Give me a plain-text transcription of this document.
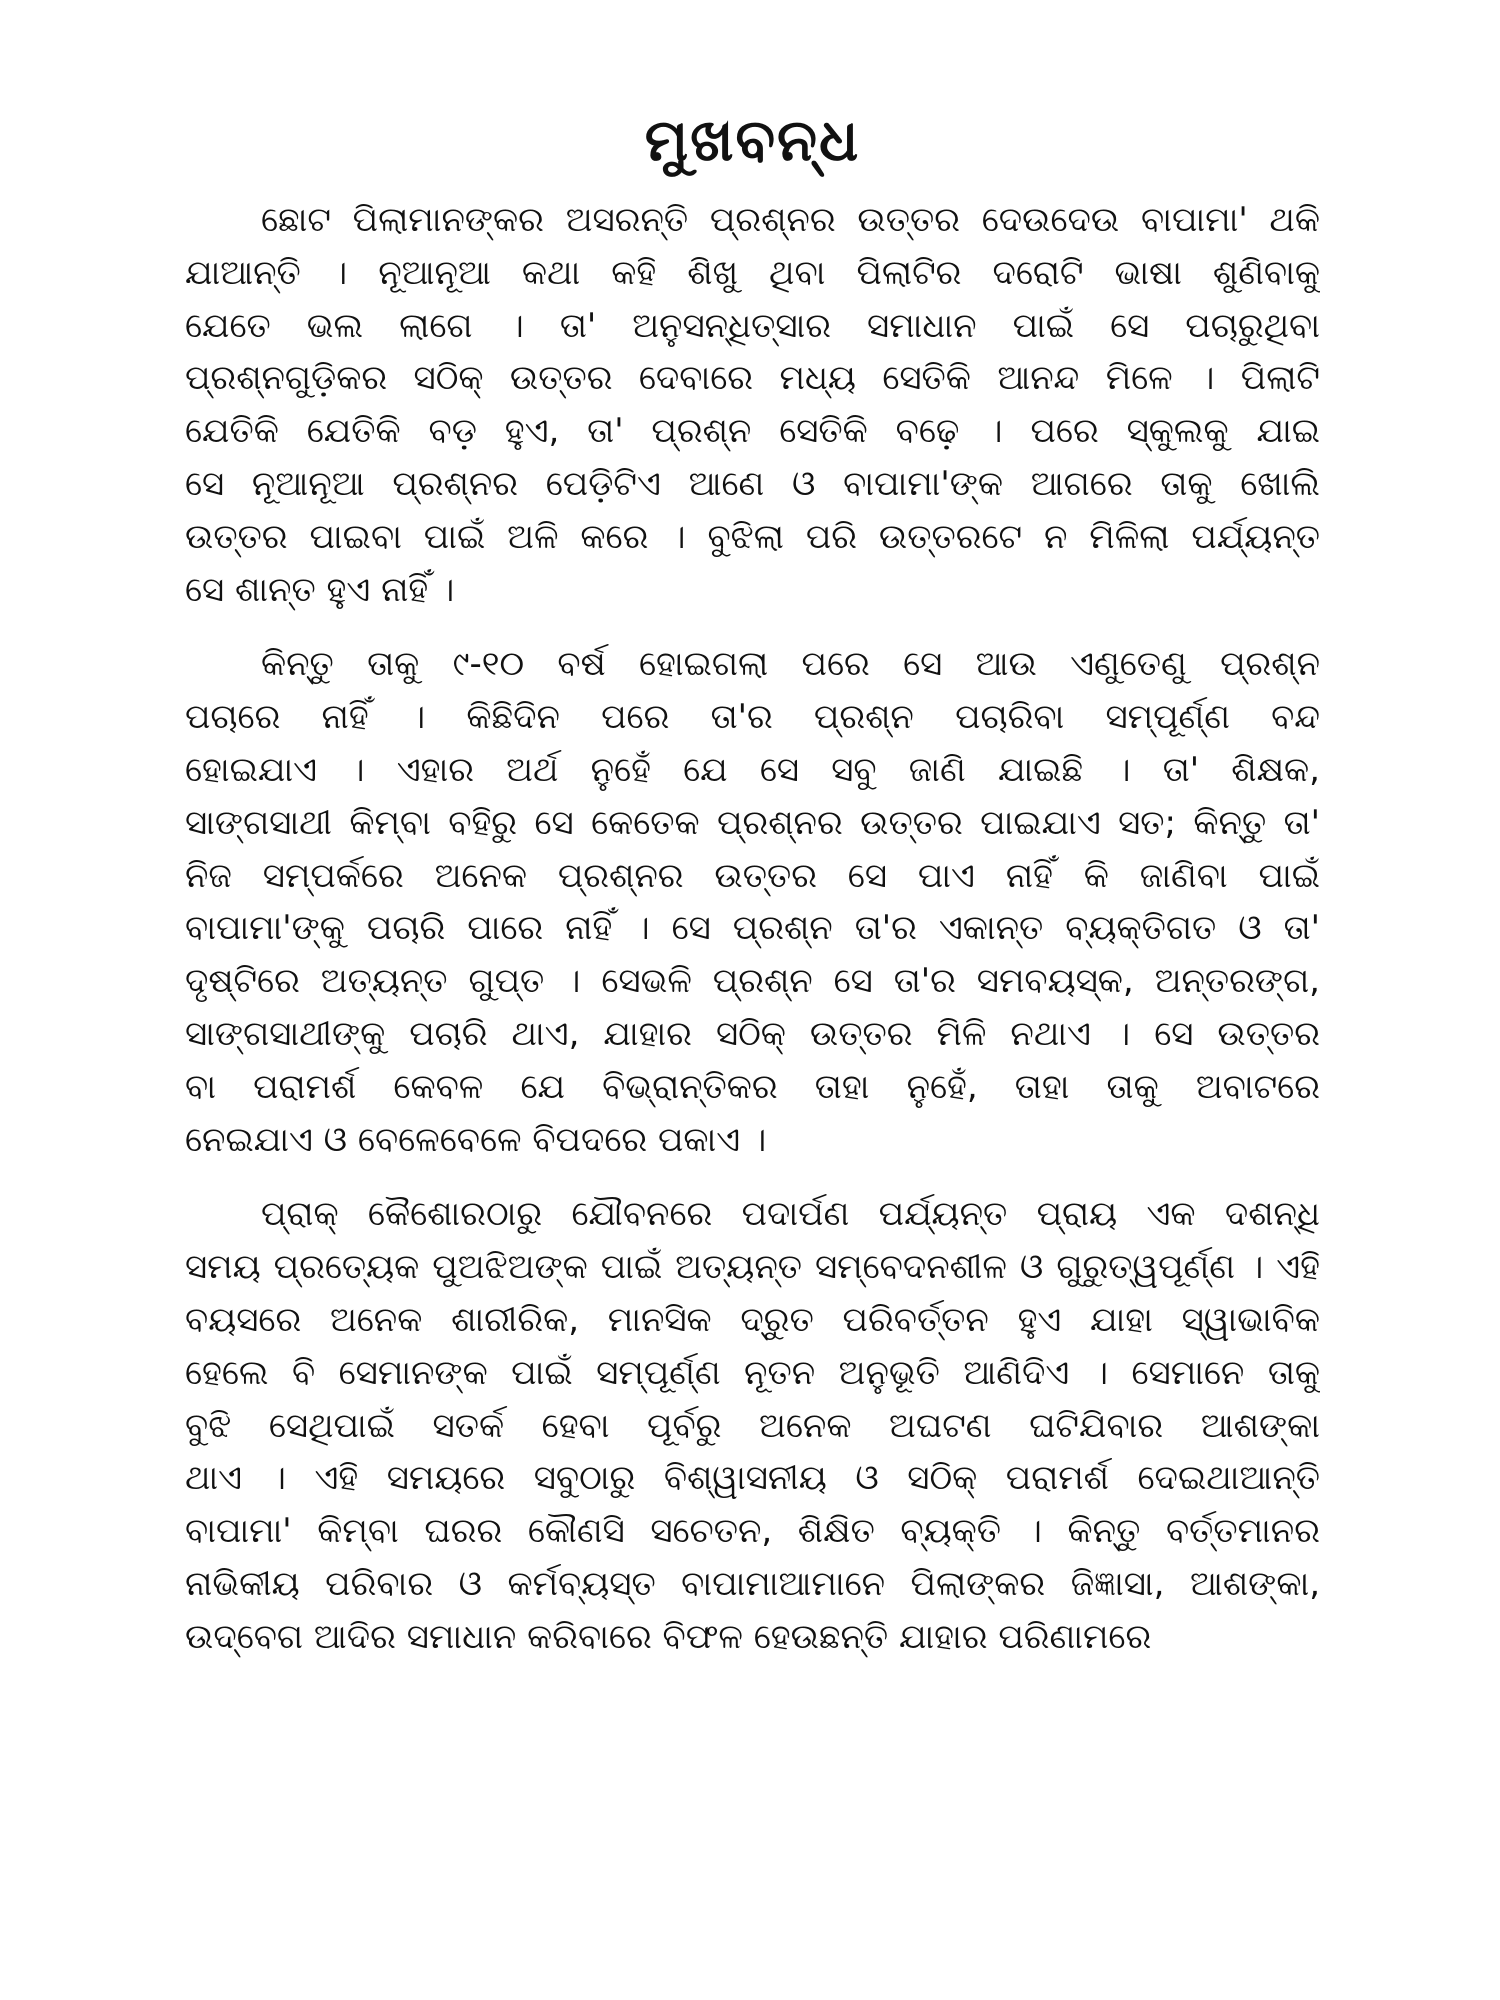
ମୁଖବନ୍ଧ
ଛୋଟ ପିଲାମାନଙ୍କର ଅସରନ୍ତି ପ୍ରଶ୍ନର ଉତ୍ତର ଦେଉଦେଉ ବାପାମା' ଥକି
ଯାଆନ୍ତି । ନୂଆନୂଆ କଥା କହି ଶିଖୁ ଥିବା ପିଲାଟିର ଦରୋଟି ଭାଷା ଶୁଣିବାକୁ
ଯେତେ ଭଲ ଲାଗେ । ତା' ଅନୁସନ୍ଧିତ୍ସାର ସମାଧାନ ପାଇଁ ସେ ପଚାରୁଥିବା
ପ୍ରଶ୍ନଗୁଡ଼ିକର ସଠିକ୍ ଉତ୍ତର ଦେବାରେ ମଧ୍ୟ ସେତିକି ଆନନ୍ଦ ମିଳେ । ପିଲାଟି
ଯେତିକି ଯେତିକି ବଡ଼ ହୁଏ, ତା' ପ୍ରଶ୍ନ ସେତିକି ବଢ଼େ । ପରେ ସ୍କୁଲକୁ ଯାଇ
ସେ ନୂଆନୂଆ ପ୍ରଶ୍ନର ପେଡ଼ିଟିଏ ଆଣେ ଓ ବାପାମା'ଙ୍କ ଆଗରେ ତାକୁ ଖୋଲି
ଉତ୍ତର ପାଇବା ପାଇଁ ଅଳି କରେ । ବୁଝିଲା ପରି ଉତ୍ତରଟେ ନ ମିଳିଲା ପର୍ଯ୍ୟନ୍ତ
ସେ ଶାନ୍ତ ହୁଏ ନାହିଁ ।
କିନ୍ତୁ ତାକୁ ୯-୧୦ ବର୍ଷ ହୋଇଗଲା ପରେ ସେ ଆଉ ଏଣୁତେଣୁ ପ୍ରଶ୍ନ
ପଚାରେ ନାହିଁ । କିଛିଦିନ ପରେ ତା'ର ପ୍ରଶ୍ନ ପଚାରିବା ସମ୍ପୂର୍ଣ୍ଣ ବନ୍ଦ
ହୋଇଯାଏ । ଏହାର ଅର୍ଥ ନୁହେଁ ଯେ ସେ ସବୁ ଜାଣି ଯାଇଛି । ତା' ଶିକ୍ଷକ,
ସାଙ୍ଗସାଥୀ କିମ୍ବା ବହିରୁ ସେ କେତେକ ପ୍ରଶ୍ନର ଉତ୍ତର ପାଇଯାଏ ସତ; କିନ୍ତୁ ତା'
ନିଜ ସମ୍ପର୍କରେ ଅନେକ ପ୍ରଶ୍ନର ଉତ୍ତର ସେ ପାଏ ନାହିଁ କି ଜାଣିବା ପାଇଁ
ବାପାମା'ଙ୍କୁ ପଚାରି ପାରେ ନାହିଁ । ସେ ପ୍ରଶ୍ନ ତା'ର ଏକାନ୍ତ ବ୍ୟକ୍ତିଗତ ଓ ତା'
ଦୃଷ୍ଟିରେ ଅତ୍ୟନ୍ତ ଗୁପ୍ତ । ସେଭଳି ପ୍ରଶ୍ନ ସେ ତା'ର ସମବୟସ୍କ, ଅନ୍ତରଙ୍ଗ,
ସାଙ୍ଗସାଥୀଙ୍କୁ ପଚାରି ଥାଏ, ଯାହାର ସଠିକ୍ ଉତ୍ତର ମିଳି ନଥାଏ । ସେ ଉତ୍ତର
ବା ପରାମର୍ଶ କେବଳ ଯେ ବିଭ୍ରାନ୍ତିକର ତାହା ନୁହେଁ, ତାହା ତାକୁ ଅବାଟରେ
ନେଇଯାଏ ଓ ବେଳେବେଳେ ବିପଦରେ ପକାଏ ।
ପ୍ରାକ୍ କୈଶୋରଠାରୁ ଯୌବନରେ ପଦାର୍ପଣ ପର୍ଯ୍ୟନ୍ତ ପ୍ରାୟ ଏକ ଦଶନ୍ଧି
ସମୟ ପ୍ରତ୍ୟେକ ପୁଅଝିଅଙ୍କ ପାଇଁ ଅତ୍ୟନ୍ତ ସମ୍ବେଦନଶୀଳ ଓ ଗୁରୁତ୍ୱପୂର୍ଣ୍ଣ । ଏହି
ବୟସରେ ଅନେକ ଶାରୀରିକ, ମାନସିକ ଦ୍ରୁତ ପରିବର୍ତ୍ତନ ହୁଏ ଯାହା ସ୍ୱାଭାବିକ
ହେଲେ ବି ସେମାନଙ୍କ ପାଇଁ ସମ୍ପୂର୍ଣ୍ଣ ନୂତନ ଅନୁଭୂତି ଆଣିଦିଏ । ସେମାନେ ତାକୁ
ବୁଝି ସେଥିପାଇଁ ସତର୍କ ହେବା ପୂର୍ବରୁ ଅନେକ ଅଘଟଣ ଘଟିଯିବାର ଆଶଙ୍କା
ଥାଏ । ଏହି ସମୟରେ ସବୁଠାରୁ ବିଶ୍ୱାସନୀୟ ଓ ସଠିକ୍ ପରାମର୍ଶ ଦେଇଥାଆନ୍ତି
ବାପାମା' କିମ୍ବା ଘରର କୌଣସି ସଚେତନ, ଶିକ୍ଷିତ ବ୍ୟକ୍ତି । କିନ୍ତୁ ବର୍ତ୍ତମାନର
ନାଭିକୀୟ ପରିବାର ଓ କର୍ମବ୍ୟସ୍ତ ବାପାମାଆମାନେ ପିଲାଙ୍କର ଜିଜ୍ଞାସା, ଆଶଙ୍କା,
ଉଦ୍‌ବେଗ ଆଦିର ସମାଧାନ କରିବାରେ ବିଫଳ ହେଉଛନ୍ତି ଯାହାର ପରିଣାମରେ
